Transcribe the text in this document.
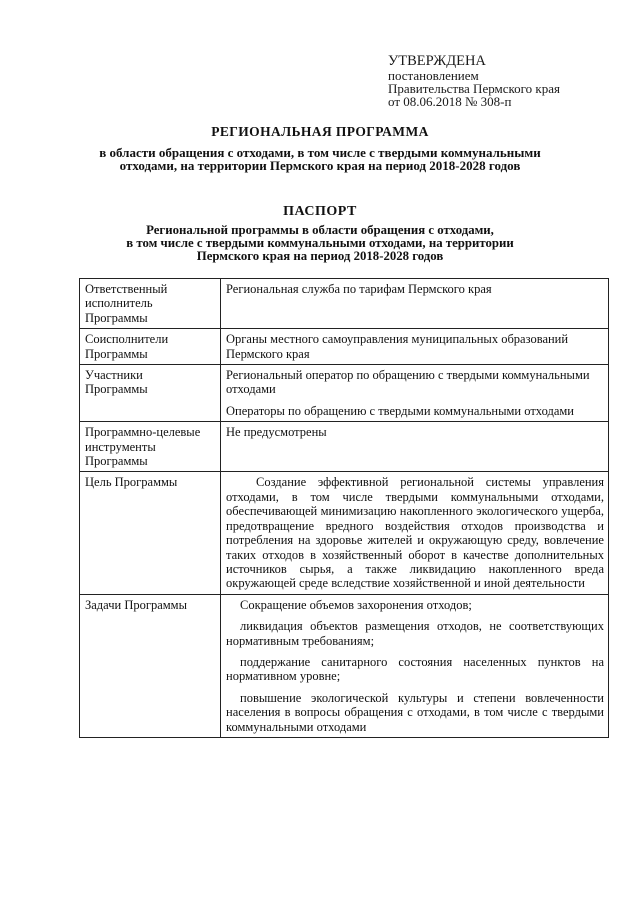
УТВЕРЖДЕНА
постановлением
Правительства Пермского края
от 08.06.2018 № 308-п
РЕГИОНАЛЬНАЯ ПРОГРАММА
в области обращения с отходами, в том числе с твердыми коммунальными
отходами, на территории Пермского края на период 2018-2028 годов
ПАСПОРТ
Региональной программы в области обращения с отходами,
в том числе с твердыми коммунальными отходами, на территории
Пермского края на период 2018-2028 годов
Ответственный
исполнитель
Программы	Региональная служба по тарифам Пермского края

Соисполнители
Программы	Органы местного самоуправления муниципальных образований Пермского края

Участники
Программы	Региональный оператор по обращению с твердыми коммунальными отходами
Операторы по обращению с твердыми коммунальными отходами

Программно-целевые
инструменты
Программы	Не предусмотрены

Цель Программы	Создание эффективной региональной системы управления отходами, в том числе твердыми коммунальными отходами, обеспечивающей минимизацию накопленного экологического ущерба, предотвращение вредного воздействия отходов производства и потребления на здоровье жителей и окружающую среду, вовлечение таких отходов в хозяйственный оборот в качестве дополнительных источников сырья, а также ликвидацию накопленного вреда окружающей среде вследствие хозяйственной и иной деятельности

Задачи Программы	Сокращение объемов захоронения отходов;
ликвидация объектов размещения отходов, не соответствующих нормативным требованиям;
поддержание санитарного состояния населенных пунктов на нормативном уровне;
повышение экологической культуры и степени вовлеченности населения в вопросы обращения с отходами, в том числе с твердыми коммунальными отходами
